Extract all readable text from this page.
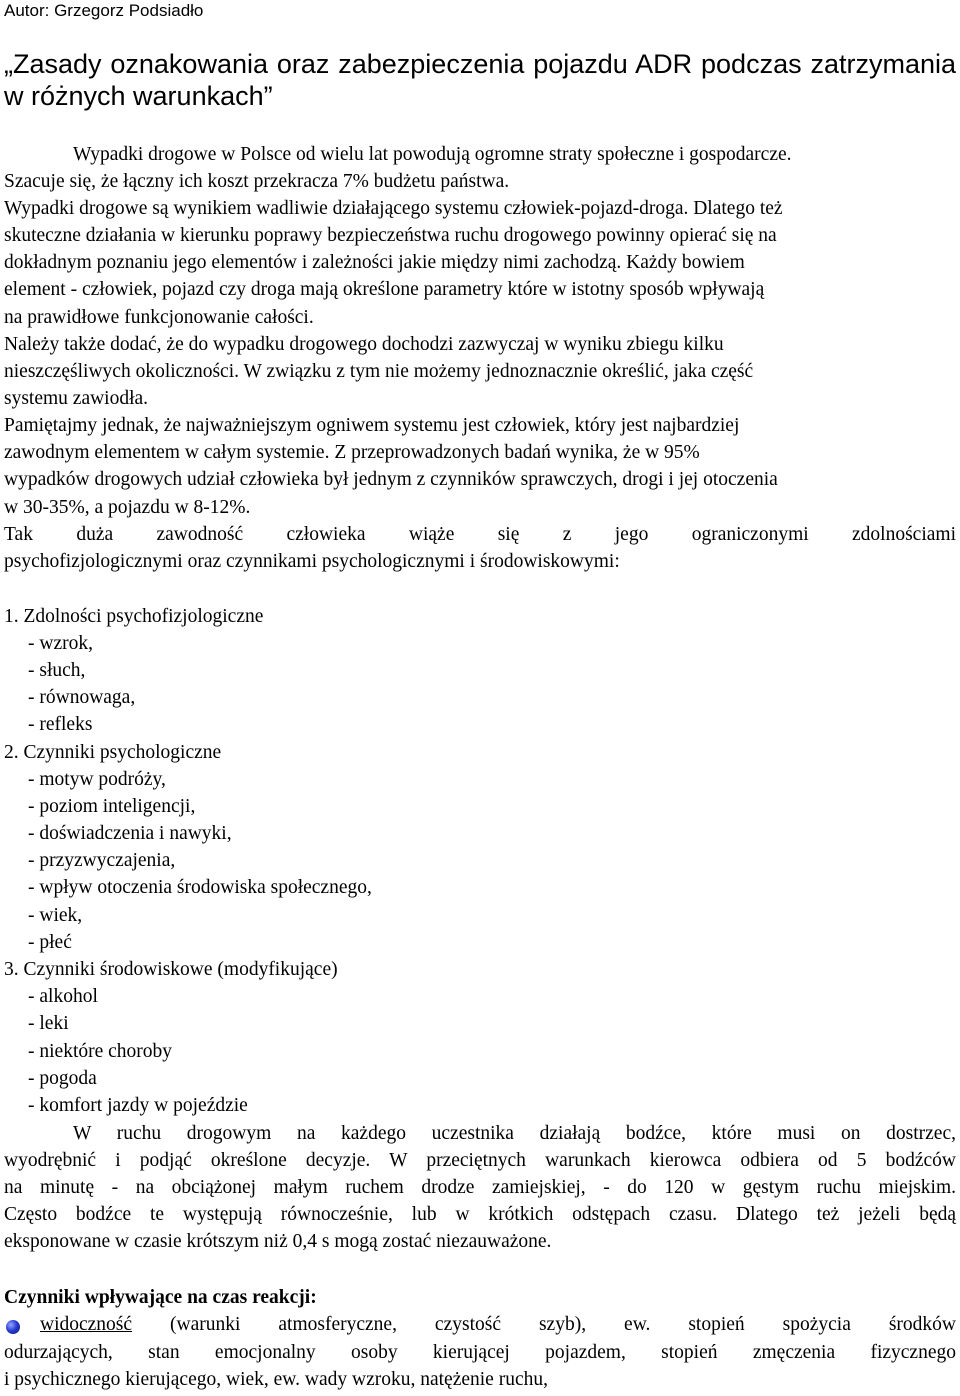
Autor: Grzegorz Podsiadło
„Zasady oznakowania oraz zabezpieczenia pojazdu ADR podczas zatrzymania w różnych warunkach”
Wypadki drogowe w Polsce od wielu lat powodują ogromne straty społeczne i gospodarcze.
Szacuje się, że łączny ich koszt przekracza 7% budżetu państwa.
Wypadki drogowe są wynikiem wadliwie działającego systemu człowiek-pojazd-droga. Dlatego też
skuteczne działania w kierunku poprawy bezpieczeństwa ruchu drogowego powinny opierać się na
dokładnym poznaniu jego elementów i zależności jakie między nimi zachodzą. Każdy bowiem
element - człowiek, pojazd czy droga mają określone parametry które w istotny sposób wpływają
na prawidłowe funkcjonowanie całości.
Należy także dodać, że do wypadku drogowego dochodzi zazwyczaj w wyniku zbiegu kilku
nieszczęśliwych okoliczności. W związku z tym nie możemy jednoznacznie określić, jaka część
systemu zawiodła.
Pamiętajmy jednak, że najważniejszym ogniwem systemu jest człowiek, który jest najbardziej
zawodnym elementem w całym systemie. Z przeprowadzonych badań wynika, że w 95%
wypadków drogowych udział człowieka był jednym z czynników sprawczych, drogi i jej otoczenia
w 30-35%, a pojazdu w 8-12%.
Tak duża zawodność człowieka wiąże się z jego ograniczonymi zdolnościami
psychofizjologicznymi oraz czynnikami psychologicznymi i środowiskowymi:
1. Zdolności psychofizjologiczne
- wzrok,
- słuch,
- równowaga,
- refleks
2. Czynniki psychologiczne
- motyw podróży,
- poziom inteligencji,
- doświadczenia i nawyki,
- przyzwyczajenia,
- wpływ otoczenia środowiska społecznego,
- wiek,
- płeć
3. Czynniki środowiskowe (modyfikujące)
- alkohol
- leki
- niektóre choroby
- pogoda
- komfort jazdy w pojeździe
W ruchu drogowym na każdego uczestnika działają bodźce, które musi on dostrzec,
wyodrębnić i podjąć określone decyzje. W przeciętnych warunkach kierowca odbiera od 5 bodźców
na minutę - na obciążonej małym ruchem drodze zamiejskiej, - do 120 w gęstym ruchu miejskim.
Często bodźce te występują równocześnie, lub w krótkich odstępach czasu. Dlatego też jeżeli będą
eksponowane w czasie krótszym niż 0,4 s mogą zostać niezauważone.
Czynniki wpływające na czas reakcji:
widoczność (warunki atmosferyczne, czystość szyb), ew. stopień spożycia środków
odurzających, stan emocjonalny osoby kierującej pojazdem, stopień zmęczenia fizycznego
i psychicznego kierującego, wiek, ew. wady wzroku, natężenie ruchu,
